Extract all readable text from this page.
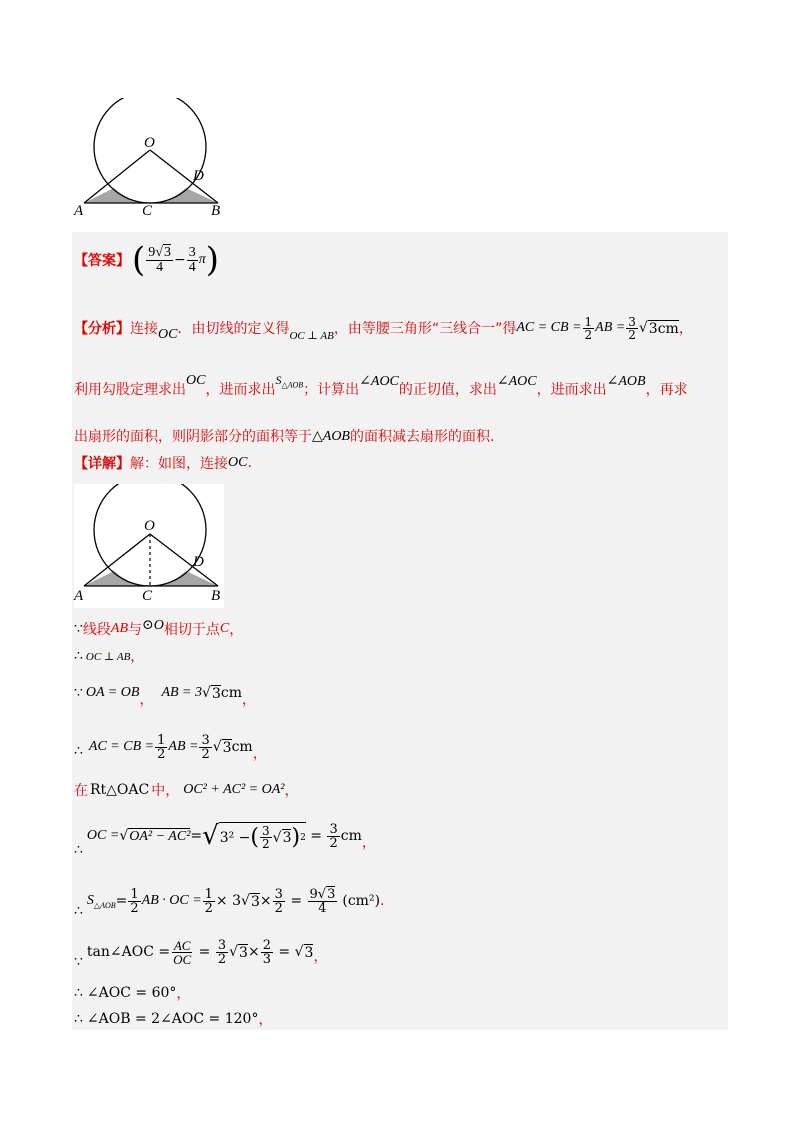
O
D
A	C	B
【答案】 ( $\frac{9√3}{4} - \frac{3}{4}$ π )
【分析】 连接 OC ．由切线的定义得 OC ⊥ AB ，由等腰三角形“三线合一”得 AC = CB = $\frac{1}{2}$ AB = $\frac{3}{2}$ √ 3cm ，
利用勾股定理求出
OC
，进而求出
$S_{\triangle AOB}$ ；计算出
∠AOC
的正切值，求出
∠AOC
，进而求出
∠AOB
，再求
出扇形的面积，则阴影部分的面积等于 △AOB 的面积减去扇形的面积.
【详解】 解：如图，连接 OC .
O
D
A	C	B
∵ 线段 AB 与 ⊙O 相切于点 C ，
∴ OC ⊥ AB ，
∵ OA = OB ， AB = 3 √ 3 cm ，
∴ AC = CB = $\frac{1}{2}$ AB = $\frac{3}{2}$ √ 3 cm ，
在 Rt△OAC 中， OC² + AC² = OA² ，
∴
OC = √ OA² − AC² = √ 3² − ( $\frac{3}{2}$ √ 3 ) $2 = \frac{3}{2}$ cm ，
∴
$S_{\triangle AOB} = \frac{1}{2}$ AB · OC = $\frac{1}{2} \times 3$ √ $3 \times \frac{3}{2} = \frac{9√3}{4} (cm^2)$ .
∵
tan∠AOC = $\frac{AC}{OC} = \frac{3}{2}$ √ $3 \times \frac{2}{3}$ = √ 3 ，
∴ ∠AOC = 60° ，
∴ ∠AOB = 2∠AOC = 120° ，
